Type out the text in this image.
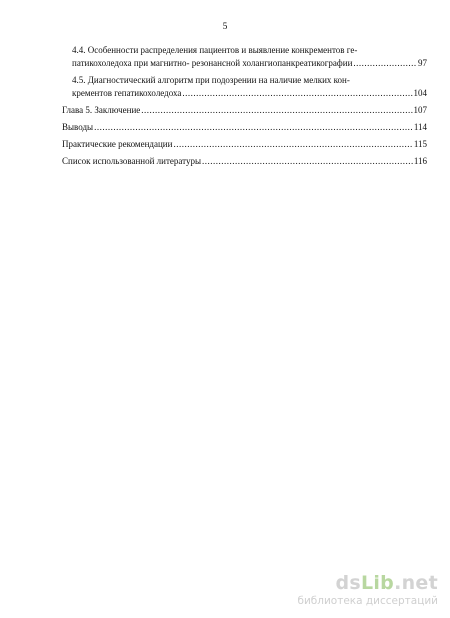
5
4.4. Особенности распределения пациентов и выявление конкрементов ге-
патикохоледоха при магнитно- резонансной холангиопанкреатикографии .....	97
4.5. Диагностический алгоритм при подозрении на наличие мелких кон-
крементов гепатикохоледоха .....	104
Глава 5. Заключение .....	107
Выводы .....	114
Практические рекомендации .....	115
Список использованной литературы .....	116
dsLib.net
библиотека диссертаций
